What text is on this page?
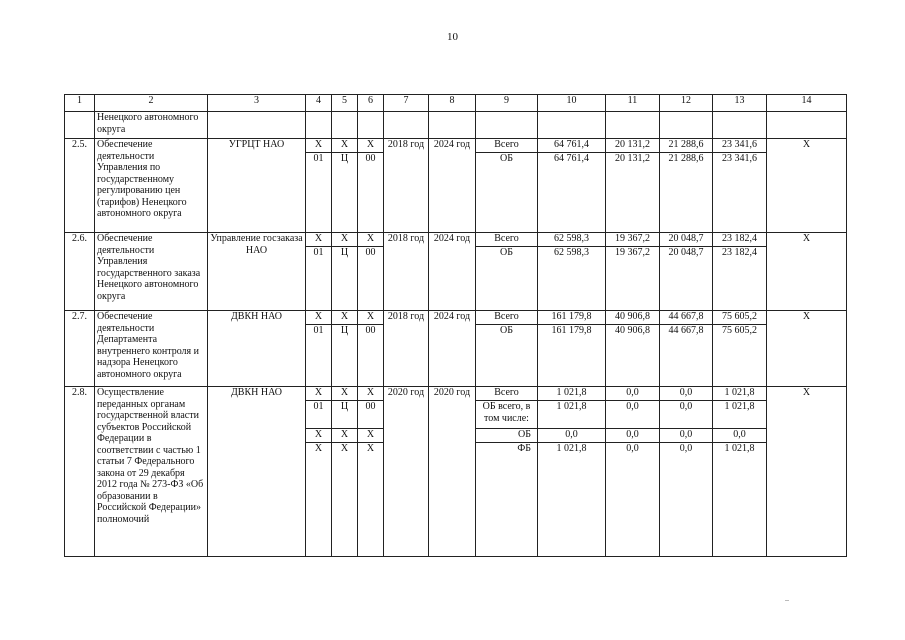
10
1	2	3	4	5	6	7	8	9	10	11	12	13	14
	Ненецкого автономного округа												
2.5.	Обеспечение деятельности Управления по государственному регулированию цен (тарифов) Ненецкого автономного округа	УГРЦТ НАО	Х	Х	Х	2018 год	2024 год	Всего	64 761,4	20 131,2	21 288,6	23 341,6	Х
			01	Ц	00			ОБ	64 761,4	20 131,2	21 288,6	23 341,6	
2.6.	Обеспечение деятельности Управления государственного заказа Ненецкого автономного округа	Управление госзаказа НАО	Х	Х	Х	2018 год	2024 год	Всего	62 598,3	19 367,2	20 048,7	23 182,4	Х
			01	Ц	00			ОБ	62 598,3	19 367,2	20 048,7	23 182,4	
2.7.	Обеспечение деятельности Департамента внутреннего контроля и надзора Ненецкого автономного округа	ДВКН НАО	Х	Х	Х	2018 год	2024 год	Всего	161 179,8	40 906,8	44 667,8	75 605,2	Х
			01	Ц	00			ОБ	161 179,8	40 906,8	44 667,8	75 605,2	
2.8.	Осуществление переданных органам государственной власти субъектов Российской Федерации в соответствии с частью 1 статьи 7 Федерального закона от 29 декабря 2012 года № 273-ФЗ «Об образовании в Российской Федерации» полномочий	ДВКН НАО	Х	Х	Х	2020 год	2020 год	Всего	1 021,8	0,0	0,0	1 021,8	Х
			01	Ц	00			ОБ всего, в том числе:	1 021,8	0,0	0,0	1 021,8	
			Х	Х	Х			ОБ	0,0	0,0	0,0	0,0	
			Х	Х	Х			ФБ	1 021,8	0,0	0,0	1 021,8	
